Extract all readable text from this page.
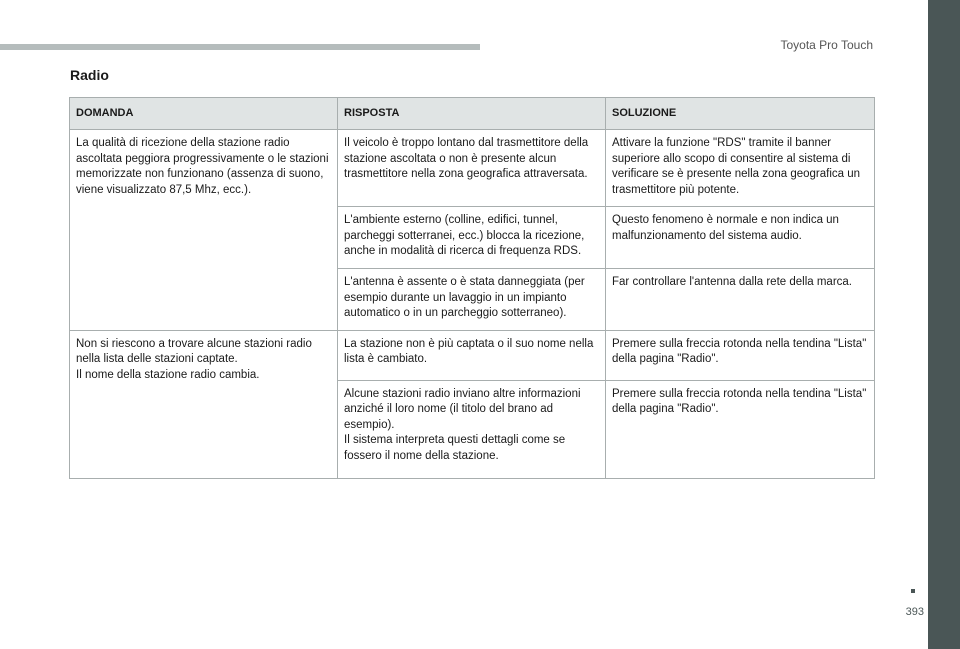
Toyota Pro Touch
393
Radio
DOMANDA	RISPOSTA	SOLUZIONE

La qualità di ricezione della stazione radio ascoltata peggiora progressivamente o le stazioni memorizzate non funzionano (assenza di suono, viene visualizzato 87,5 Mhz, ecc.).	Il veicolo è troppo lontano dal trasmettitore della stazione ascoltata o non è presente alcun trasmettitore nella zona geografica attraversata.	Attivare la funzione "RDS" tramite il banner superiore allo scopo di consentire al sistema di verificare se è presente nella zona geografica un trasmettitore più potente.

	L'ambiente esterno (colline, edifici, tunnel, parcheggi sotterranei, ecc.) blocca la ricezione, anche in modalità di ricerca di frequenza RDS.	Questo fenomeno è normale e non indica un malfunzionamento del sistema audio.

	L'antenna è assente o è stata danneggiata (per esempio durante un lavaggio in un impianto automatico o in un parcheggio sotterraneo).	Far controllare l'antenna dalla rete della marca.

Non si riescono a trovare alcune stazioni radio nella lista delle stazioni captate.
Il nome della stazione radio cambia.	La stazione non è più captata o il suo nome nella lista è cambiato.	Premere sulla freccia rotonda nella tendina "Lista" della pagina "Radio".

	Alcune stazioni radio inviano altre informazioni anziché il loro nome (il titolo del brano ad esempio).
Il sistema interpreta questi dettagli come se fossero il nome della stazione.	Premere sulla freccia rotonda nella tendina "Lista" della pagina "Radio".
